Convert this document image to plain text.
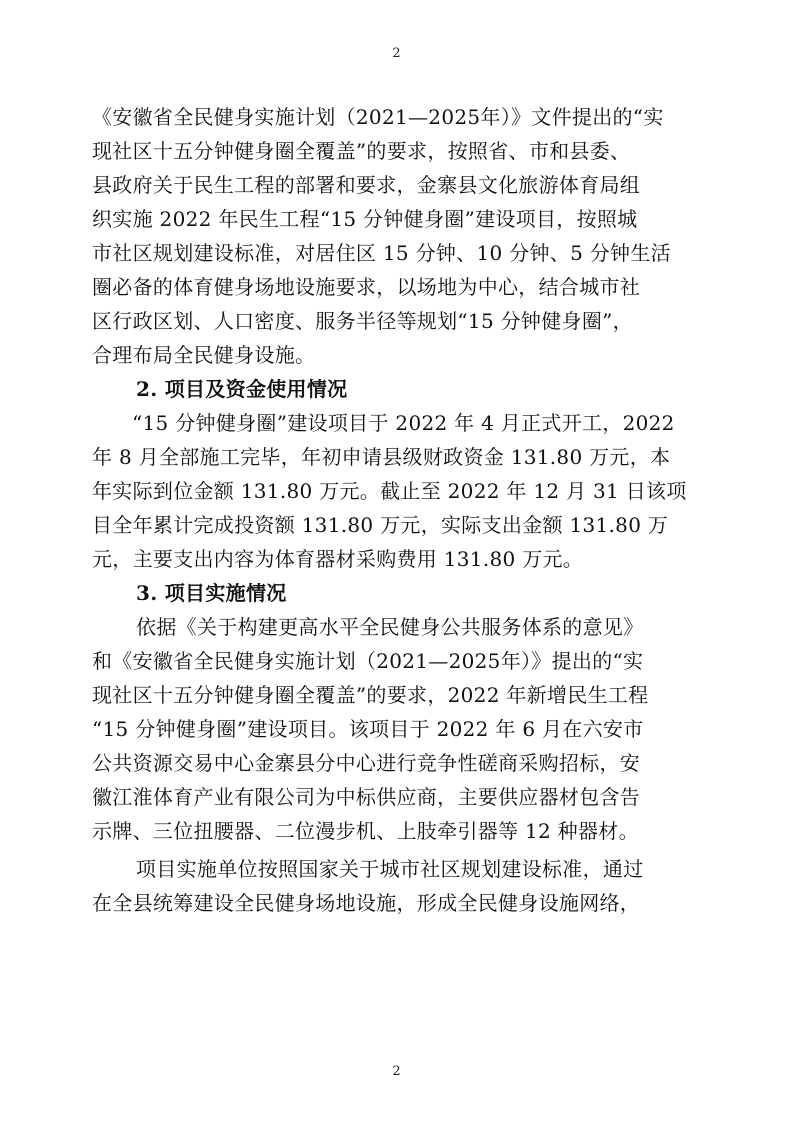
2
《安徽省全民健身实施计划（2021—2025年）》文件提出的“实
现社区十五分钟健身圈全覆盖”的要求，按照省、市和县委、
县政府关于民生工程的部署和要求，金寨县文化旅游体育局组
织实施 2022 年民生工程“15 分钟健身圈”建设项目，按照城
市社区规划建设标准，对居住区 15 分钟、10 分钟、5 分钟生活
圈必备的体育健身场地设施要求，以场地为中心，结合城市社
区行政区划、人口密度、服务半径等规划“15 分钟健身圈”，
合理布局全民健身设施。
2. 项目及资金使用情况
“15 分钟健身圈”建设项目于 2022 年 4 月正式开工，2022
年 8 月全部施工完毕，年初申请县级财政资金 131.80 万元，本
年实际到位金额 131.80 万元。截止至 2022 年 12 月 31 日该项
目全年累计完成投资额 131.80 万元，实际支出金额 131.80 万
元，主要支出内容为体育器材采购费用 131.80 万元。
3. 项目实施情况
依据《关于构建更高水平全民健身公共服务体系的意见》
和《安徽省全民健身实施计划（2021—2025年）》提出的“实
现社区十五分钟健身圈全覆盖”的要求，2022 年新增民生工程
“15 分钟健身圈”建设项目。该项目于 2022 年 6 月在六安市
公共资源交易中心金寨县分中心进行竞争性磋商采购招标，安
徽江淮体育产业有限公司为中标供应商，主要供应器材包含告
示牌、三位扭腰器、二位漫步机、上肢牵引器等 12 种器材。
项目实施单位按照国家关于城市社区规划建设标准，通过
在全县统筹建设全民健身场地设施，形成全民健身设施网络，
2
